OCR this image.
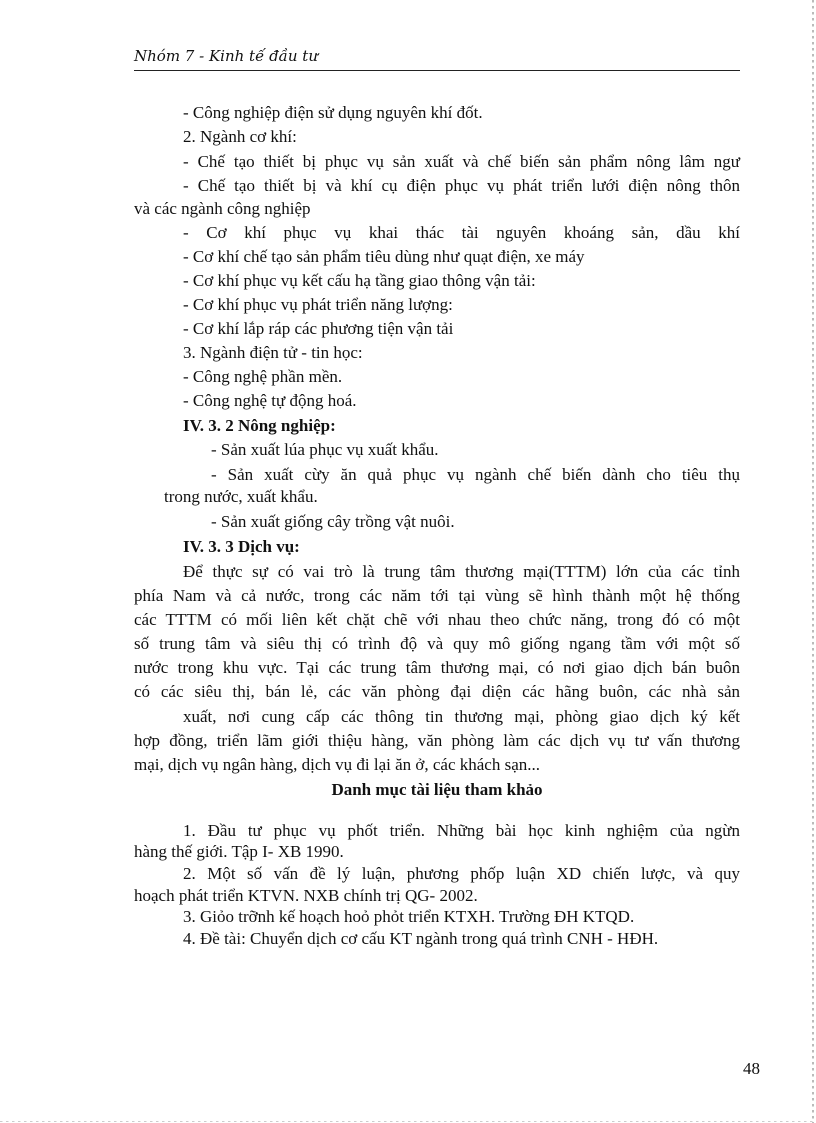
Nhóm 7 - Kinh tế đầu tư
- Công nghiệp điện sử dụng nguyên khí đốt.
2. Ngành cơ khí:
- Chế tạo thiết bị phục vụ sản xuất và chế biến sản phẩm nông lâm ngư
- Chế tạo thiết bị và khí cụ điện phục vụ phát triển lưới điện nông thôn
và các ngành công nghiệp
- Cơ khí phục vụ khai thác tài nguyên khoáng sản, dầu khí
- Cơ khí chế tạo sản phẩm tiêu dùng như quạt điện, xe máy
- Cơ khí phục vụ kết cấu hạ tầng giao thông vận tải:
- Cơ khí phục vụ phát triển năng lượng:
- Cơ khí lắp ráp các phương tiện vận tải
3. Ngành điện tử - tin học:
- Công nghệ phần mền.
- Công nghệ tự động hoá.
IV. 3. 2 Nông nghiệp:
- Sản xuất lúa phục vụ xuất khẩu.
- Sản xuất cừy ăn quả phục vụ ngành chế biến dành cho tiêu thụ
trong nước, xuất khẩu.
- Sản xuất giống cây trồng vật nuôi.
IV. 3. 3 Dịch vụ:
Để thực sự có vai trò là trung tâm thương mại(TTTM) lớn của các tỉnh
phía Nam và cả nước, trong các năm tới tại vùng sẽ hình thành một hệ thống
các TTTM có mối liên kết chặt chẽ với nhau theo chức năng, trong đó có một
số trung tâm và siêu thị có trình độ và quy mô giống ngang tầm với một số
nước trong khu vực. Tại các trung tâm thương mại, có nơi giao dịch bán buôn
có các siêu thị, bán lẻ, các văn phòng đại diện các hãng buôn, các nhà sản
xuất, nơi cung cấp các thông tin thương mại, phòng giao dịch ký kết
hợp đồng, triển lãm giới thiệu hàng, văn phòng làm các dịch vụ tư vấn thương
mại, dịch vụ ngân hàng, dịch vụ đi lại ăn ở, các khách sạn...
Danh mục tài liệu tham khảo
1. Đầu tư phục vụ phốt triển. Những bài học kinh nghiệm của ngừn
hàng thế giới. Tập I- XB 1990.
2. Một số vấn đề lý luận, phương phốp luận XD chiến lược, và quy
hoạch phát triển KTVN. NXB chính trị QG- 2002.
3. Giỏo trỡnh kế hoạch hoỏ phỏt triển KTXH. Trường ĐH KTQD.
4. Đề tài: Chuyển dịch cơ cấu KT ngành trong quá trình CNH - HĐH.
48
